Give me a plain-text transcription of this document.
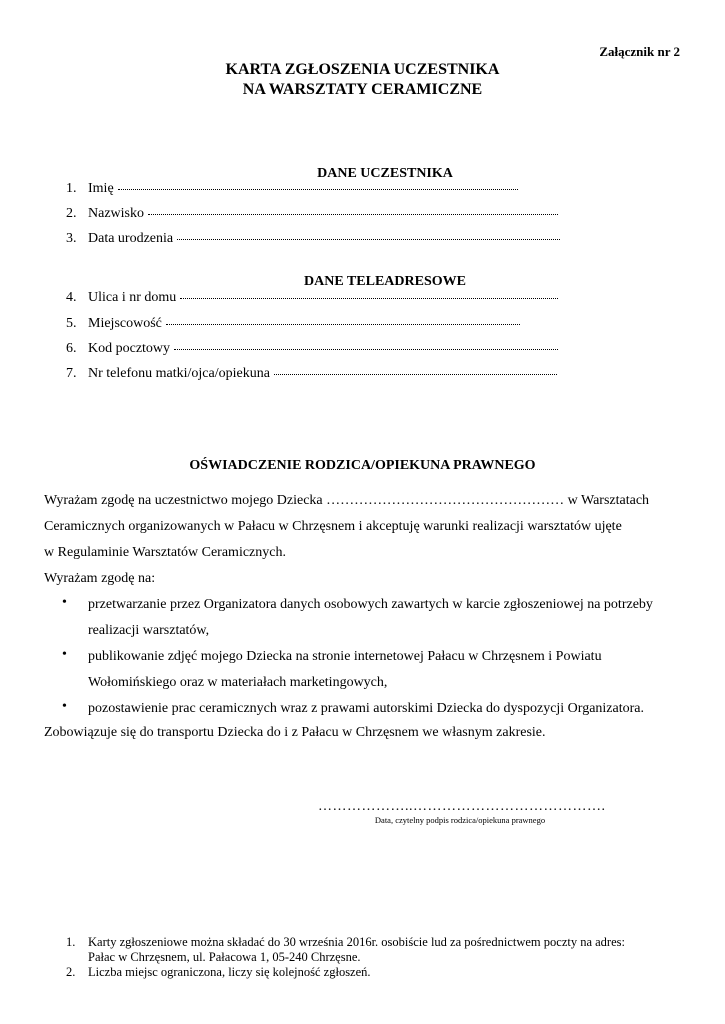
Załącznik nr 2
KARTA ZGŁOSZENIA UCZESTNIKA
NA WARSZTATY CERAMICZNE
DANE UCZESTNIKA
1. Imię
2. Nazwisko
3. Data urodzenia
DANE TELEADRESOWE
4. Ulica i nr domu
5. Miejscowość
6. Kod pocztowy
7. Nr telefonu matki/ojca/opiekuna
OŚWIADCZENIE RODZICA/OPIEKUNA PRAWNEGO
Wyrażam zgodę na uczestnictwo mojego Dziecka …………………………………………… w Warsztatach
Ceramicznych organizowanych w Pałacu w Chrzęsnem i akceptuję warunki realizacji warsztatów ujęte
w Regulaminie Warsztatów Ceramicznych.
Wyrażam zgodę na:
• przetwarzanie przez Organizatora danych osobowych zawartych w karcie zgłoszeniowej na potrzeby
realizacji warsztatów,
• publikowanie zdjęć mojego Dziecka na stronie internetowej Pałacu w Chrzęsnem i Powiatu
Wołomińskiego oraz w materiałach marketingowych,
• pozostawienie prac ceramicznych wraz z prawami autorskimi Dziecka do dyspozycji Organizatora.
Zobowiązuje się do transportu Dziecka do i z Pałacu w Chrzęsnem we własnym zakresie.
………………..………………………………….
Data, czytelny podpis rodzica/opiekuna prawnego
1. Karty zgłoszeniowe można składać do 30 września 2016r. osobiście lud za pośrednictwem poczty na adres:
Pałac w Chrzęsnem, ul. Pałacowa 1, 05-240 Chrzęsne.
2. Liczba miejsc ograniczona, liczy się kolejność zgłoszeń.
